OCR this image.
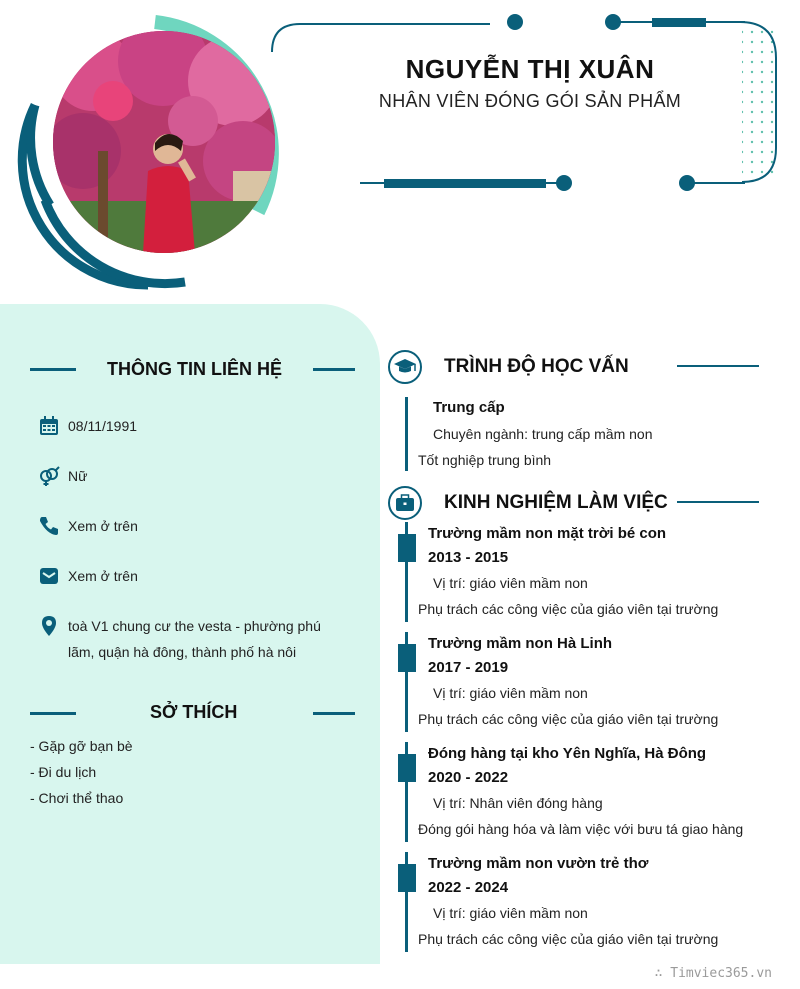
NGUYỄN THỊ XUÂN
NHÂN VIÊN ĐÓNG GÓI SẢN PHẨM
THÔNG TIN LIÊN HỆ
08/11/1991
Nữ
Xem ở trên
Xem ở trên
toà V1 chung cư the vesta - phường phú lãm, quận hà đông, thành phố hà nôi
SỞ THÍCH
- Gặp gỡ bạn bè
- Đi du lịch
- Chơi thể thao
TRÌNH ĐỘ HỌC VẤN
Trung cấp
Chuyên ngành: trung cấp mầm non
Tốt nghiệp trung bình
KINH NGHIỆM LÀM VIỆC
Trường mầm non mặt trời bé con
2013 - 2015
Vị trí: giáo viên mầm non
Phụ trách các công việc của giáo viên tại trường
Trường mầm non Hà Linh
2017 - 2019
Vị trí: giáo viên mầm non
Phụ trách các công việc của giáo viên tại trường
Đóng hàng tại kho Yên Nghĩa, Hà Đông
2020 - 2022
Vị trí: Nhân viên đóng hàng
Đóng gói hàng hóa và làm việc với bưu tá giao hàng
Trường mầm non vườn trẻ thơ
2022 - 2024
Vị trí: giáo viên mầm non
Phụ trách các công việc của giáo viên tại trường
∴ Timviec365.vn
